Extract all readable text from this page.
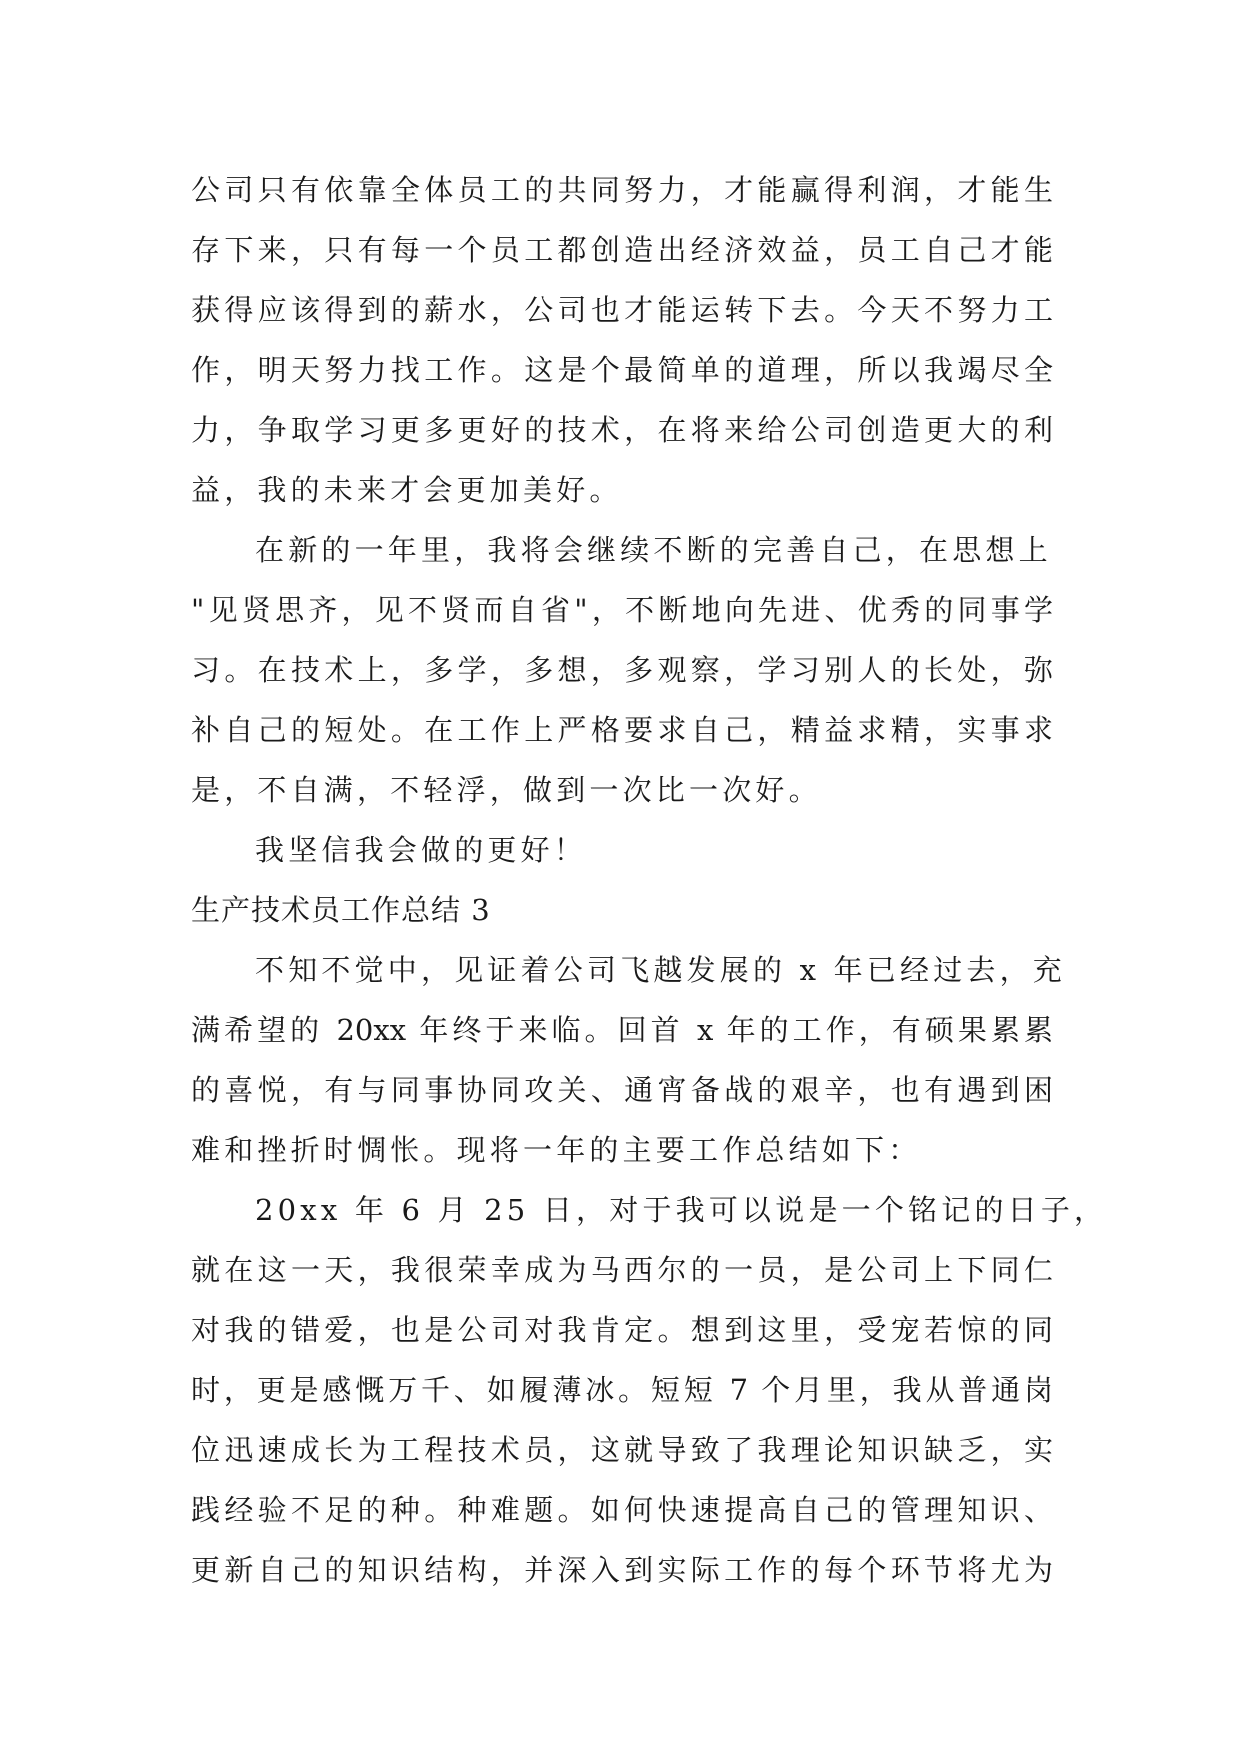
公司只有依靠全体员工的共同努力，才能赢得利润，才能生
存下来，只有每一个员工都创造出经济效益，员工自己才能
获得应该得到的薪水，公司也才能运转下去。今天不努力工
作，明天努力找工作。这是个最简单的道理，所以我竭尽全
力，争取学习更多更好的技术，在将来给公司创造更大的利
益，我的未来才会更加美好。
在新的一年里，我将会继续不断的完善自己，在思想上
"见贤思齐，见不贤而自省"，不断地向先进、优秀的同事学
习。在技术上，多学，多想，多观察，学习别人的长处，弥
补自己的短处。在工作上严格要求自己，精益求精，实事求
是，不自满，不轻浮，做到一次比一次好。
我坚信我会做的更好！
生产技术员工作总结 3
不知不觉中，见证着公司飞越发展的 x 年已经过去，充
满希望的 20xx 年终于来临。回首 x 年的工作，有硕果累累
的喜悦，有与同事协同攻关、通宵备战的艰辛，也有遇到困
难和挫折时惆怅。现将一年的主要工作总结如下：
20xx 年 6 月 25 日，对于我可以说是一个铭记的日子，
就在这一天，我很荣幸成为马西尔的一员，是公司上下同仁
对我的错爱，也是公司对我肯定。想到这里，受宠若惊的同
时，更是感慨万千、如履薄冰。短短 7 个月里，我从普通岗
位迅速成长为工程技术员，这就导致了我理论知识缺乏，实
践经验不足的种。种难题。如何快速提高自己的管理知识、
更新自己的知识结构，并深入到实际工作的每个环节将尤为
